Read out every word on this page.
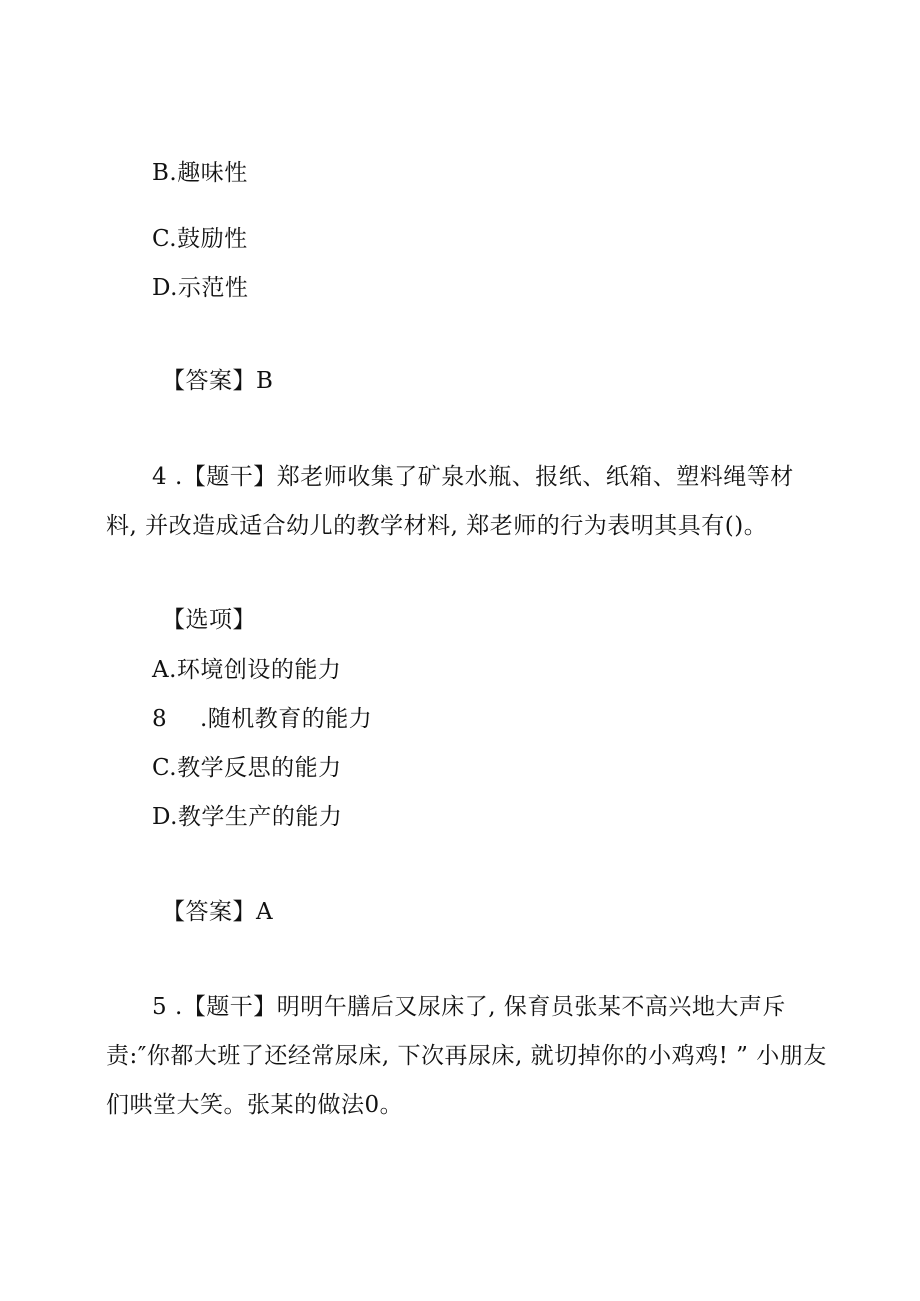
B.趣味性
C.鼓励性
D.示范性
【答案】B
4 .【题干】郑老师收集了矿泉水瓶、报纸、纸箱、塑料绳等材
料, 并改造成适合幼儿的教学材料, 郑老师的行为表明其具有()。
【选项】
A.环境创设的能力
8 .随机教育的能力
C.教学反思的能力
D.教学生产的能力
【答案】A
5 .【题干】明明午膳后又尿床了, 保育员张某不高兴地大声斥
责:″你都大班了还经常尿床, 下次再尿床, 就切掉你的小鸡鸡! ” 小朋友
们哄堂大笑。张某的做法0。
